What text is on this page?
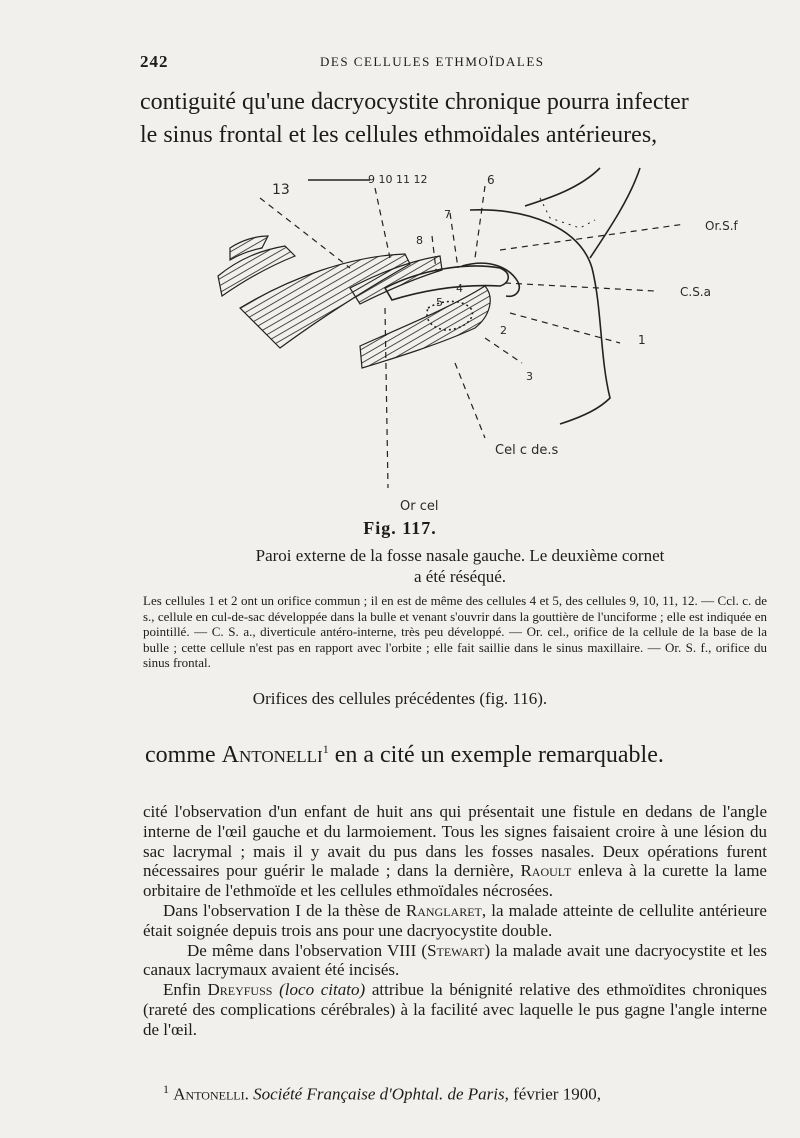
242	DES CELLULES ETHMOÏDALES
contiguité qu'une dacryocystite chronique pourra infecter
le sinus frontal et les cellules ethmoïdales antérieures,
13
9 10 11 12	6
7
8
4
5
2
3
1
Or.S.f
C.S.a
Cel c de.s
Or cel
Fig. 117.
Paroi externe de la fosse nasale gauche. Le deuxième cornet
a été réséqué.
Les cellules 1 et 2 ont un orifice commun ; il en est de même des cellules 4 et 5, des cellules 9, 10, 11, 12. — Ccl. c. de s., cellule en cul-de-sac développée dans la bulle et venant s'ouvrir dans la gouttière de l'unciforme ; elle est indiquée en pointillé. — C. S. a., diverticule antéro-interne, très peu développé. — Or. cel., orifice de la cellule de la base de la bulle ; cette cellule n'est pas en rapport avec l'orbite ; elle fait saillie dans le sinus maxillaire. — Or. S. f., orifice du sinus frontal.
Orifices des cellules précédentes (fig. 116).
comme Antonelli$^1$ en a cité un exemple remarquable.

cité l'observation d'un enfant de huit ans qui présentait une fistule en dedans de l'angle interne de l'œil gauche et du larmoiement. Tous les signes faisaient croire à une lésion du sac lacrymal ; mais il y avait du pus dans les fosses nasales. Deux opérations furent nécessaires pour guérir le malade ; dans la dernière, Raoult enleva à la curette la lame orbitaire de l'ethmoïde et les cellules ethmoïdales nécrosées.

Dans l'observation I de la thèse de Ranglaret, la malade atteinte de cellulite antérieure était soignée depuis trois ans pour une dacryocystite double.

De même dans l'observation VIII (Stewart) la malade avait une dacryocystite et les canaux lacrymaux avaient été incisés.

Enfin Dreyfuss (loco citato) attribue la bénignité relative des ethmoïdites chroniques (rareté des complications cérébrales) à la facilité avec laquelle le pus gagne l'angle interne de l'œil.

$^1$ Antonelli. Société Française d'Ophtal. de Paris, février 1900,
